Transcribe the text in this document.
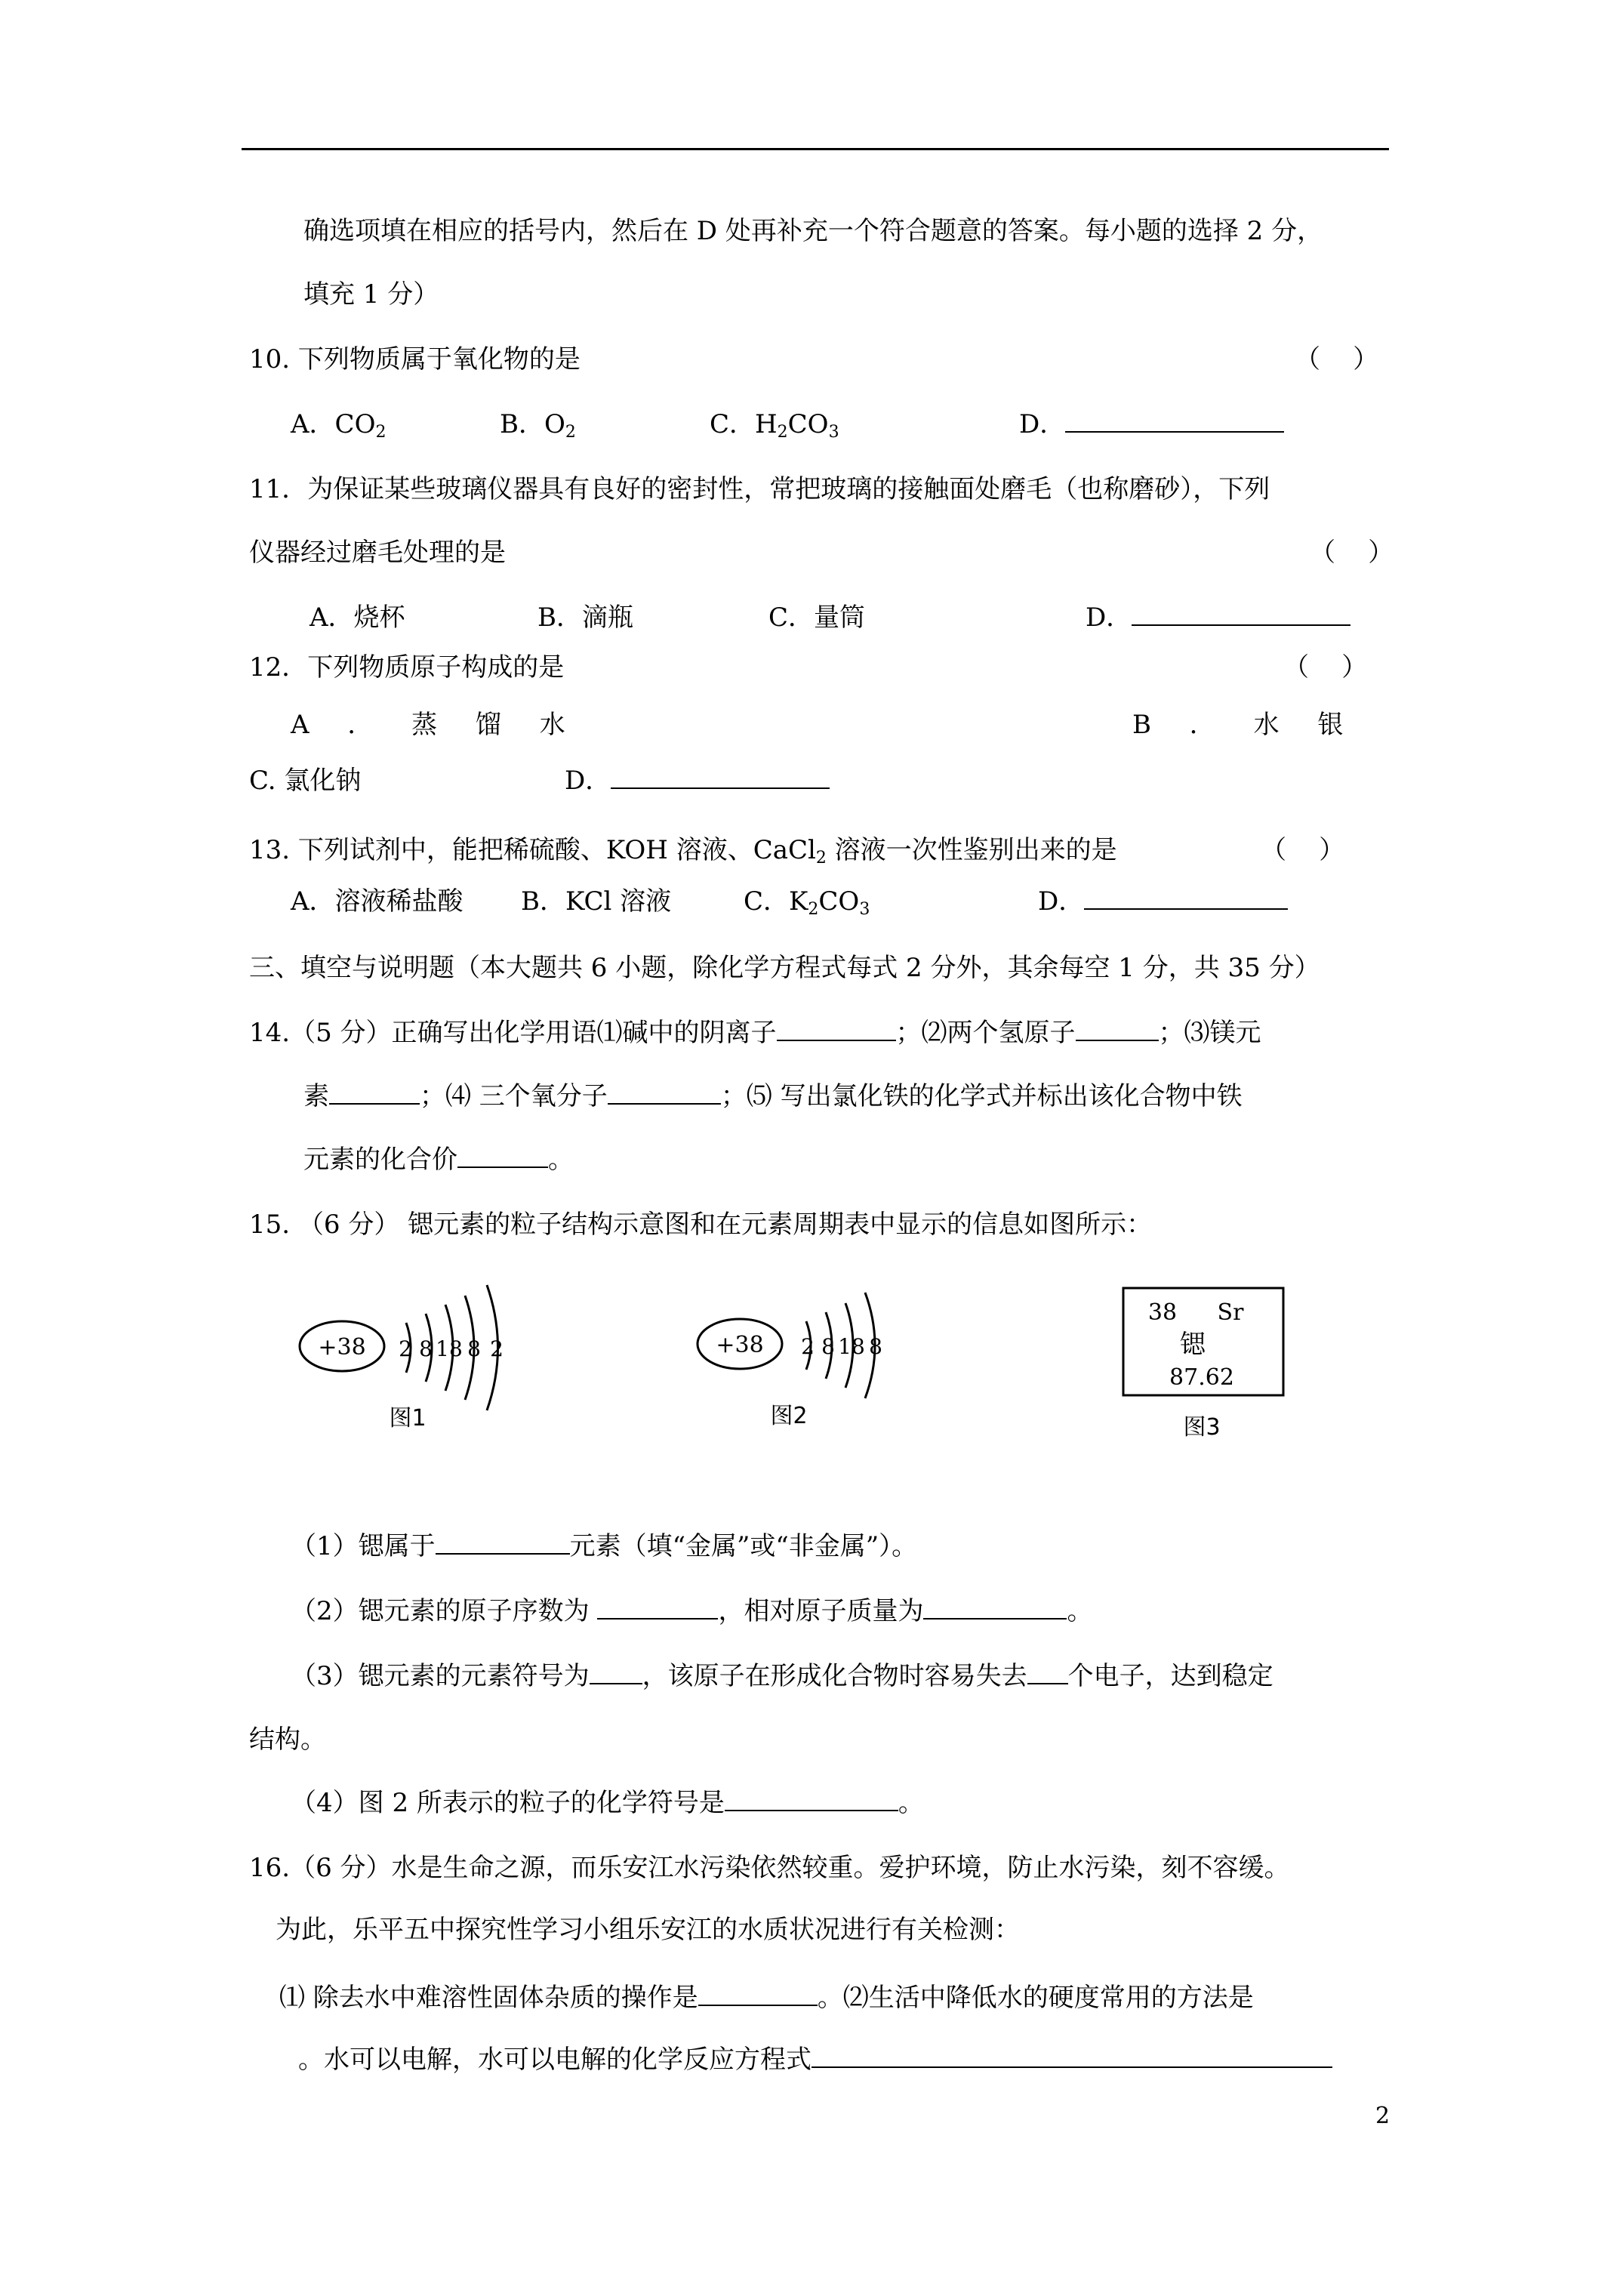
确选项填在相应的括号内，然后在 D 处再补充一个符合题意的答案。每小题的选择 2 分，
填充 1 分）
10. 下列物质属于氧化物的是	（    ）
A．$CO_2$	B．$O_2$	C．$H_2CO_3$	D．
11．为保证某些玻璃仪器具有良好的密封性，常把玻璃的接触面处磨毛（也称磨砂），下列
仪器经过磨毛处理的是	（    ）
A．烧杯	B．滴瓶	C．量筒	D．
12．下列物质原子构成的是	（    ）
A ． 蒸 馏 水	B ． 水 银
C. 氯化钠	D．
13. 下列试剂中，能把稀硫酸、KOH 溶液、CaCl$_2$ 溶液一次性鉴别出来的是	（    ）
A．溶液稀盐酸 B．KCl 溶液	C．$K_2CO_3$	D．
三、填空与说明题（本大题共 6 小题，除化学方程式每式 2 分外，其余每空 1 分，共 35 分）
14.（5 分）正确写出化学用语⑴碱中的阴离子	；⑵两个氢原子	；⑶镁元
素	；⑷ 三个氧分子	；⑸ 写出氯化铁的化学式并标出该化合物中铁
元素的化合价	。
15. （6 分） 锶元素的粒子结构示意图和在元素周期表中显示的信息如图所示：
+38 2 8 18 8 2
图1
+38 2 8 18 8
图2
38 Sr
锶
87.62
图3
（1）锶属于	元素（填“金属”或“非金属”）。
（2）锶元素的原子序数为	，相对原子质量为	。
（3）锶元素的元素符号为 ，该原子在形成化合物时容易失去 个电子，达到稳定
结构。
（4）图 2 所表示的粒子的化学符号是	。
16.（6 分）水是生命之源，而乐安江水污染依然较重。爱护环境，防止水污染，刻不容缓。
为此，乐平五中探究性学习小组乐安江的水质状况进行有关检测：
⑴ 除去水中难溶性固体杂质的操作是	。⑵生活中降低水的硬度常用的方法是
。水可以电解，水可以电解的化学反应方程式
2
